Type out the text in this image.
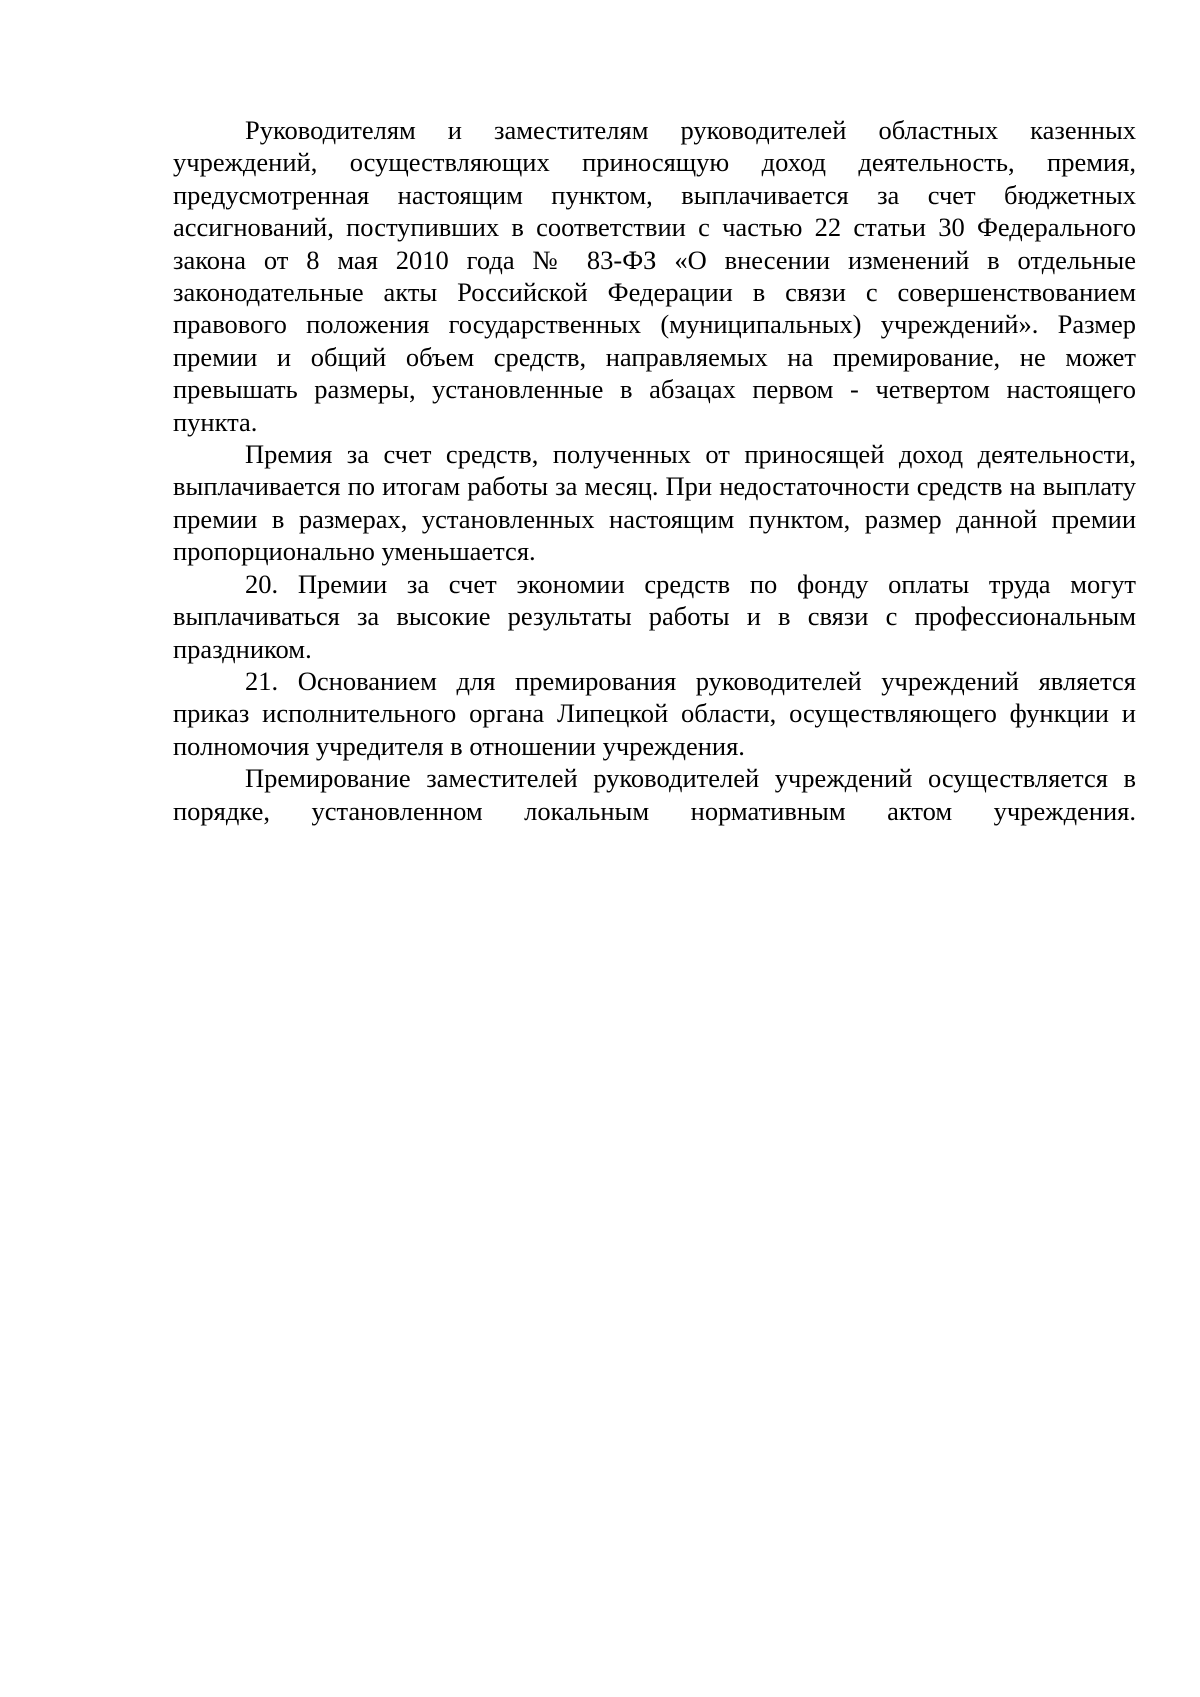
Руководителям и заместителям руководителей областных казенных учреждений, осуществляющих приносящую доход деятельность, премия, предусмотренная настоящим пунктом, выплачивается за счет бюджетных ассигнований, поступивших в соответствии с частью 22 статьи 30 Федерального закона от 8 мая 2010 года № 83-ФЗ «О внесении изменений в отдельные законодательные акты Российской Федерации в связи с совершенствованием правового положения государственных (муниципальных) учреждений». Размер премии и общий объем средств, направляемых на премирование, не может превышать размеры, установленные в абзацах первом - четвертом настоящего пункта.

Премия за счет средств, полученных от приносящей доход деятельности, выплачивается по итогам работы за месяц. При недостаточности средств на выплату премии в размерах, установленных настоящим пунктом, размер данной премии пропорционально уменьшается.

20. Премии за счет экономии средств по фонду оплаты труда могут выплачиваться за высокие результаты работы и в связи с профессиональным праздником.

21. Основанием для премирования руководителей учреждений является приказ исполнительного органа Липецкой области, осуществляющего функции и полномочия учредителя в отношении учреждения.

Премирование заместителей руководителей учреждений осуществляется в порядке, установленном локальным нормативным актом учреждения.
